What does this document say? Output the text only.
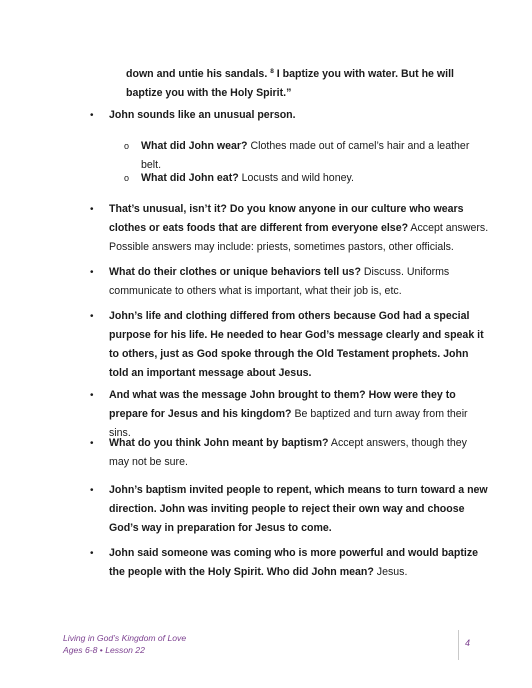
down and untie his sandals. $^8$ I baptize you with water. But he will baptize you with the Holy Spirit.”
•	John sounds like an unusual person.
o What did John wear? Clothes made out of camel’s hair and a leather belt.
o What did John eat? Locusts and wild honey.
•	That’s unusual, isn’t it? Do you know anyone in our culture who wears clothes or eats foods that are different from everyone else? Accept answers. Possible answers may include: priests, sometimes pastors, other officials.
•	What do their clothes or unique behaviors tell us? Discuss. Uniforms communicate to others what is important, what their job is, etc.
•	John’s life and clothing differed from others because God had a special purpose for his life. He needed to hear God’s message clearly and speak it to others, just as God spoke through the Old Testament prophets. John told an important message about Jesus.
•	And what was the message John brought to them? How were they to prepare for Jesus and his kingdom? Be baptized and turn away from their sins.
•	What do you think John meant by baptism? Accept answers, though they may not be sure.
•	John’s baptism invited people to repent, which means to turn toward a new direction. John was inviting people to reject their own way and choose God’s way in preparation for Jesus to come.
•	John said someone was coming who is more powerful and would baptize the people with the Holy Spirit. Who did John mean? Jesus.
Living in God’s Kingdom of Love
Ages 6-8 • Lesson 22
4
